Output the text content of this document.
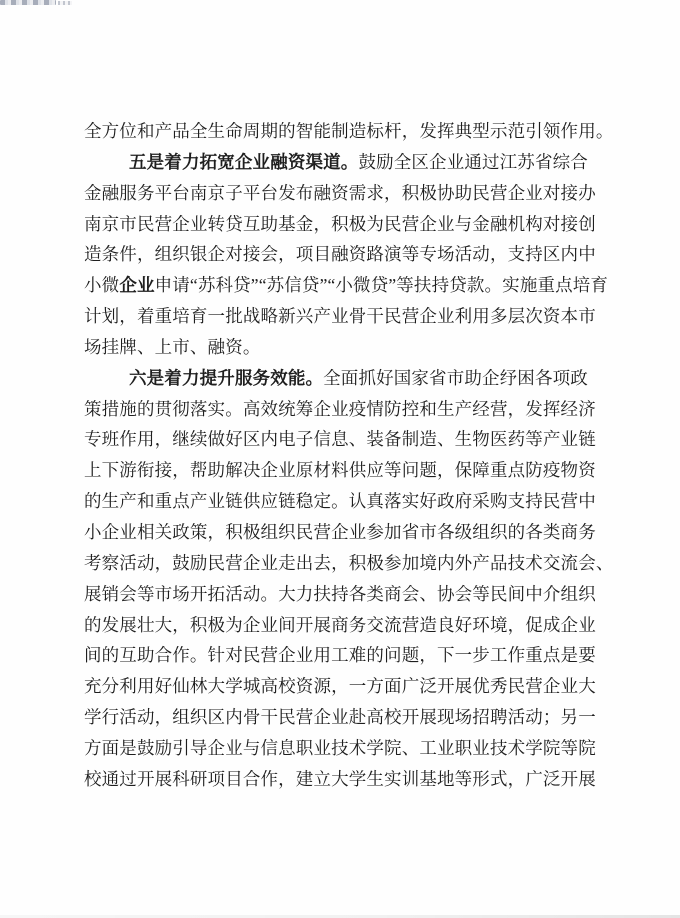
全方位和产品全生命周期的智能制造标杆，发挥典型示范引领作用。
五是着力拓宽企业融资渠道。鼓励全区企业通过江苏省综合
金融服务平台南京子平台发布融资需求，积极协助民营企业对接办
南京市民营企业转贷互助基金，积极为民营企业与金融机构对接创
造条件，组织银企对接会，项目融资路演等专场活动，支持区内中
小微企业申请“苏科贷”“苏信贷”“小微贷”等扶持贷款。实施重点培育
计划，着重培育一批战略新兴产业骨干民营企业利用多层次资本市
场挂牌、上市、融资。
六是着力提升服务效能。全面抓好国家省市助企纾困各项政
策措施的贯彻落实。高效统筹企业疫情防控和生产经营，发挥经济
专班作用，继续做好区内电子信息、装备制造、生物医药等产业链
上下游衔接，帮助解决企业原材料供应等问题，保障重点防疫物资
的生产和重点产业链供应链稳定。认真落实好政府采购支持民营中
小企业相关政策，积极组织民营企业参加省市各级组织的各类商务
考察活动，鼓励民营企业走出去，积极参加境内外产品技术交流会、
展销会等市场开拓活动。大力扶持各类商会、协会等民间中介组织
的发展壮大，积极为企业间开展商务交流营造良好环境，促成企业
间的互助合作。针对民营企业用工难的问题，下一步工作重点是要
充分利用好仙林大学城高校资源，一方面广泛开展优秀民营企业大
学行活动，组织区内骨干民营企业赴高校开展现场招聘活动；另一
方面是鼓励引导企业与信息职业技术学院、工业职业技术学院等院
校通过开展科研项目合作，建立大学生实训基地等形式，广泛开展
